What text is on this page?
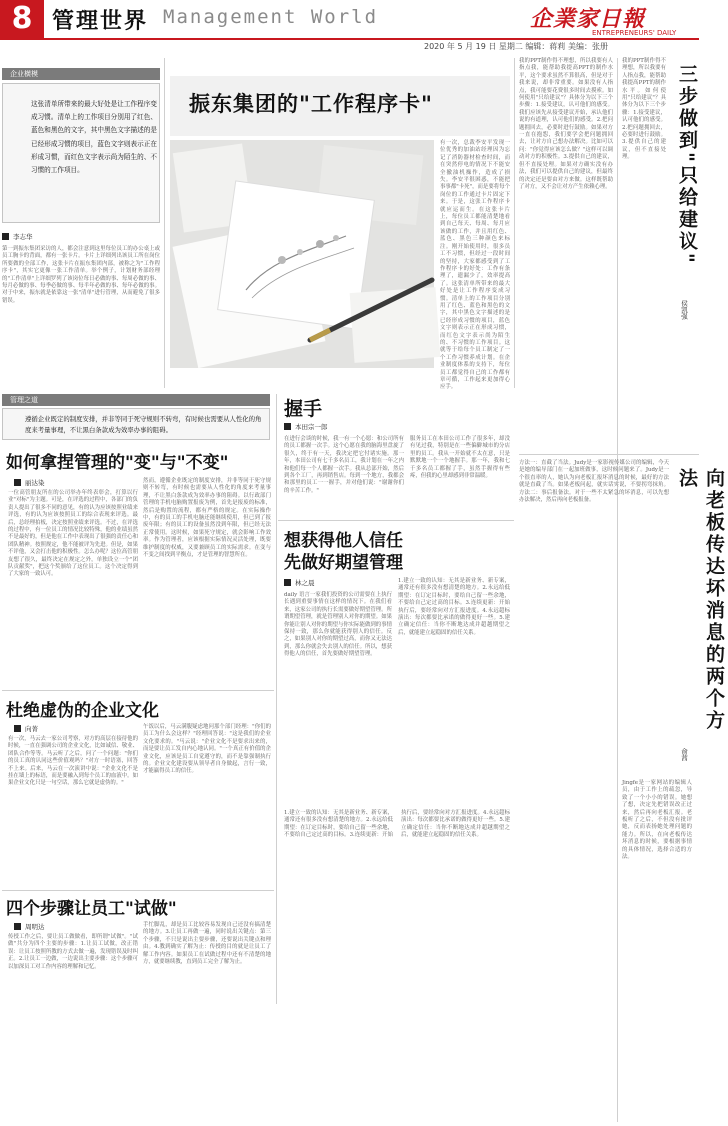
8 管理世界 Management World	企業家日報
ENTREPRENEURS' DAILY
2020 年 5 月 19 日 星期二 编辑：蒋莉 美编：张册
企业横模
这张清单所带来的最大好处是让工作程序变成习惯。清单上的工作项目分别用了红色、蓝色和黑色的文字，其中黑色文字描述的是已经形成习惯的项目，蓝色文字则表示正在形成习惯，而红色文字表示尚为陌生的、不习惯的工作项目。
李志华
第一到振东集团采访的人，都会注意到这里每位员工的办公桌上或员工胸卡的背面，都有一张卡片。卡片上详细列出该员工所在岗位所要做的全部工作，这张卡片在振东集团内部，被称之为"工作程序卡"，其实它更像一张工作清单。举个例子，计划财务部经理的"工作清单"上详细罗列了该岗位每日必做的事、每周必做的事、每月必做的事、每季必做的事、每半年必做的事、每年必做的事。对于中来，振东就是依靠这一张"清单"进行管理，从而避免了很多错误。
振东集团的"工作程序卡"
有一次，总裁李安平发现一位优秀的加油站经理因为忘记了消防器材检查时间，而在突然停电的情况下不能安全撤油机操作，造成了损失。李安平很困惑，不能把事事都"卡死"，而是要将每个岗位的工作通过卡片固定下来。于是，这张工作程序卡就应运而生。在这张卡片上，每位员工都能清楚地看到自己每天、每周、每月应该做的工作，并且用红色、蓝色、黑色三种颜色来标注。刚开始使用时，很多员工不习惯，但经过一段时间的坚持，大家都感受到了工作程序卡的好处：工作有条理了，遗漏少了，效率提高了。这张清单所带来的最大好处是让工作程序变成习惯。清单上的工作项目分别用了红色、蓝色和黑色的文字，其中黑色文字描述的是已经形成习惯的项目，蓝色文字则表示正在形成习惯，而红色文字表示尚为陌生的、不习惯的工作项目。这就等于给每个员工制定了一个工作习惯养成计划。在企业制度体系的支持下，每位员工都觉得自己的工作都有章可循，工作起来更加得心应手。
我的PPT制作得不理想，所以我要有人指点我，能帮助我提高PPT的制作水平，这个要求虽然不算很高，但是对于我来说，却非常重要。如果没有人指点，我可能要花费很多时间去摸索。如何使用"只给建议"？具体分为以下三个步骤：1.接受建议，认可他们的感受。我们应该先从接受建议开始，承认他们说的有道理，认可他们的感受。2.把问题拥回去，必要时进行鼓励。如果对方一直在抱怨，我们要学会把问题拥回去，让对方自己想办法解决。比如可以问："你觉得应该怎么做？"这样可以调动对方的积极性。3.提供自己的建议，但不直接处理。如果对方确实没有办法，我们可以提供自己的建议，但最终的决定还是要由对方来做。这样既帮助了对方，又不会让对方产生依赖心理。
管理之道
遵循企业既定的制度安排，并非等同于死守规则不转弯，有时候也需要从人性化的角度来考量事理，不让黑白条款成为效率办事的阻碍。
如何拿捏管理的"变"与"不变"
丽达染
一位高管朋友所在的公司举办年终表彰会，打算以行业"对标"为主题。可是，在评选的过程中，各部门的负责人提出了很多不同的意见，有的认为应该按照业绩来评选，有的认为应该按照员工的综合表现来评选。最后，总经理拍板，决定按照业绩来评选。不过，在评选的过程中，有一位员工的情况比较特殊，他的业绩虽然不是最好的，但是他在工作中表现出了很强的责任心和团队精神。按照规定，他不能被评为先进。但是，如果不评他，又会打击他的积极性。怎么办呢？这位高管朋友想了很久，最终决定在规定之外，单独设立一个"团队贡献奖"，把这个奖颁给了这位员工。这个决定得到了大家的一致认可。
然而，遵循企业既定的制度安排，并非等同于死守规则不转弯，有时候也需要从人性化的角度来考量事理，不让黑白条款成为效率办事的阻碍。以行政部门管理的手机电脑购置报废为例，首先是报废的标准，然后是购置的流程，都有严格的规定。在实际操作中，有的员工的手机电脑还能继续使用，但已到了报废年限；有的员工的设备虽然没到年限，但已经无法正常使用。这时候，如果死守规定，就会影响工作效率。作为管理者，应该根据实际情况灵活处理，既要维护制度的权威，又要兼顾员工的实际需求。在变与不变之间找到平衡点，才是管理的智慧所在。
握手
本田宗一郎
在进行会谈的时候，我一有一个心愿：和公司所有的员工都握一次手。这个心愿在我的脑海里盘旋了很久，终于有一天，我决定把它付诸实施。那一年，本田公司有七千多名员工，我计划在一年之内和他们每一个人都握一次手。我从总部开始，然后到各个工厂，再到销售店。每到一个地方，我都会和那里的员工一一握手，并对他们说："谢谢你们的辛苦工作。"
服务员工在本田公司工作了很多年，却没有见过我，特别是在一些偏僻城市的分店里的员工。我从一开始就不太在意，只是默默地一个一个地握手。那一年，我和七千多名员工都握了手，虽然手握得有些疼，但我的心里却感到非常温暖。
想获得他人信任
先做好期望管理
林之晨
daily 语言一家我们投资的公司需要在上执行长遇到重要事情在这样的情况下。在我们看来，这家公司的执行长需要做好期望管理。所谓期望管理，就是管理别人对你的期望。如果你能让别人对你的期望与你实际能做到的事情保持一致，那么你就能获得别人的信任。反之，如果别人对你的期望过高，而你又无法达到，那么你就会失去别人的信任。所以，想获得他人的信任，首先要做好期望管理。
1.建立一致的认知：无其是新业务、新专案，通常还有很多没有想清楚的地方。2.永远给低期望：在订定目标时，要给自己留一些余地，不要给自己定过高的目标。3.连续更新：开始执行后，要经常向对方汇报进度。4.永远超标演出：每次都要比承诺的做得更好一些。5.建立确定信任：当你不断地达成并超越期望之后，就能建立起稳固的信任关系。
杜绝虚伪的企业文化
向菁
有一次，马云去一家公司考察，对方的高层在接待他的时候，一直在强调公司的企业文化，比如诚信、敬业、团队合作等等。马云听了之后，问了一个问题："你们的员工真的认同这些价值观吗？"对方一时语塞，回答不上来。后来，马云在一次演讲中说："企业文化不是挂在墙上的标语，而是要融入到每个员工的血液中。如果企业文化只是一句空话，那么它就是虚伪的。"
午饭以后，马云满腹疑虑地问那个部门经理："你们的员工为什么会这样？"经理回答说："这是我们的企业文化要求的。"马云说："企业文化不是要求出来的，而是要让员工发自内心地认同。"一个真正有价值的企业文化，应该是员工自觉遵守的，而不是靠强制执行的。企业文化建设要从领导者自身做起，言行一致，才能赢得员工的信任。
四个步骤让员工"试做"
周明达
传授工作之后，要让员工做做看，即所谓"试做"。"试做"共分为四个主要的步骤：1.让员工试做，改正错误：让员工按照所教的方式去做一遍，发现错误及时纠正。2.让员工一边做，一边说出主要步骤：这个步骤可以加深员工对工作内容的理解和记忆。
手忙脚乱，却是员工比较容易发现自己还没有搞清楚的地方。3.让员工再做一遍，同时说出关键点：第三个步骤，不只是说出主要步骤，还要说出关键点和理由。4.教到确实了解为止：传授的目的就是让员工了解工作内容。如果员工在试做过程中还有不清楚的地方，就要继续教，直到员工完全了解为止。
1.建立一致的认知：无其是新业务、新专案，通常还有很多没有想清楚的地方。2.永远给低期望：在订定目标时，要给自己留一些余地，不要给自己定过高的目标。3.连续更新：开始执行后，要经常向对方汇报进度。4.永远超标演出：每次都要比承诺的做得更好一些。5.建立确定信任：当你不断地达成并超越期望之后，就能建立起稳固的信任关系。
三步做到"只给建议"
侯凯强
我的PPT制作得不理想，所以我要有人指点我，能帮助我提高PPT的制作水平。如何使用"只给建议"？具体分为以下三个步骤：1.接受建议，认可他们的感受。2.把问题拥回去，必要时进行鼓励。3.提供自己的建议，但不直接处理。
方法一：直截了当法。Judy是一家影视传媒公司的编辑，今天是她的编导部门在一起加班做事，这时候问题来了。Judy是一个很直率的人，她认为向老板汇报坏消息的时候，最好的方法就是直截了当。如果老板问起，就实话实说，不要拐弯抹角。方法二：事后报备法。对于一些不太紧急的坏消息，可以先想办法解决，然后再向老板报备。	向老板传达坏消息的两个方法
俞茜
Jingfe是一家网站的编辑人员，由于工作上的疏忽，导致了一个小小的错误。她想了想，决定先把错误改正过来，然后再向老板汇报。老板听了之后，不但没有批评她，反而表扬她处理问题的能力。所以，在向老板传达坏消息的时候，要根据事情的具体情况，选择合适的方法。
